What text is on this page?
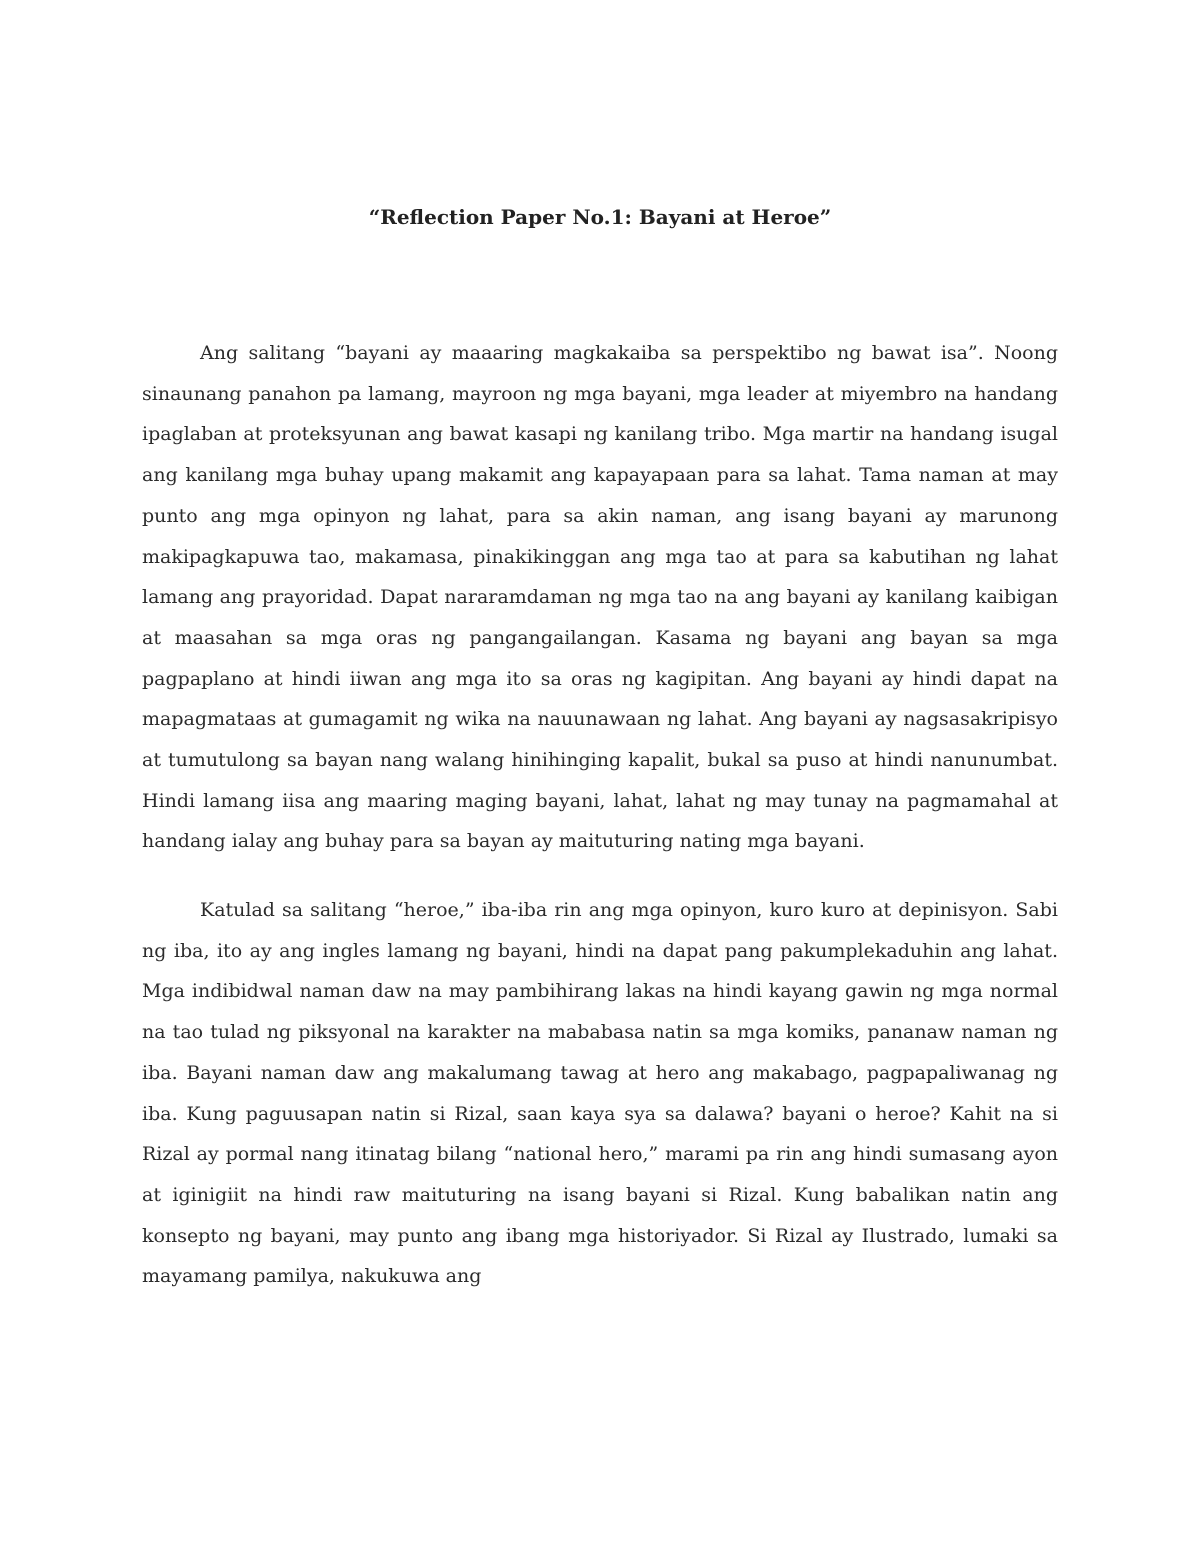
“Reflection Paper No.1: Bayani at Heroe”

Ang salitang “bayani ay maaaring magkakaiba sa perspektibo ng bawat isa”. Noong sinaunang panahon pa lamang, mayroon ng mga bayani, mga leader at miyembro na handang ipaglaban at proteksyunan ang bawat kasapi ng kanilang tribo. Mga martir na handang isugal ang kanilang mga buhay upang makamit ang kapayapaan para sa lahat. Tama naman at may punto ang mga opinyon ng lahat, para sa akin naman, ang isang bayani ay marunong makipagkapuwa tao, makamasa, pinakikinggan ang mga tao at para sa kabutihan ng lahat lamang ang prayoridad. Dapat nararamdaman ng mga tao na ang bayani ay kanilang kaibigan at maasahan sa mga oras ng pangangailangan. Kasama ng bayani ang bayan sa mga pagpaplano at hindi iiwan ang mga ito sa oras ng kagipitan. Ang bayani ay hindi dapat na mapagmataas at gumagamit ng wika na nauunawaan ng lahat. Ang bayani ay nagsasakripisyo at tumutulong sa bayan nang walang hinihinging kapalit, bukal sa puso at hindi nanunumbat. Hindi lamang iisa ang maaring maging bayani, lahat, lahat ng may tunay na pagmamahal at handang ialay ang buhay para sa bayan ay maituturing nating mga bayani.

Katulad sa salitang “heroe,” iba-iba rin ang mga opinyon, kuro kuro at depinisyon. Sabi ng iba, ito ay ang ingles lamang ng bayani, hindi na dapat pang pakumplekaduhin ang lahat. Mga indibidwal naman daw na may pambihirang lakas na hindi kayang gawin ng mga normal na tao tulad ng piksyonal na karakter na mababasa natin sa mga komiks, pananaw naman ng iba. Bayani naman daw ang makalumang tawag at hero ang makabago, pagpapaliwanag ng iba. Kung paguusapan natin si Rizal, saan kaya sya sa dalawa? bayani o heroe? Kahit na si Rizal ay pormal nang itinatag bilang “national hero,” marami pa rin ang hindi sumasang ayon at iginigiit na hindi raw maituturing na isang bayani si Rizal. Kung babalikan natin ang konsepto ng bayani, may punto ang ibang mga historiyador. Si Rizal ay Ilustrado, lumaki sa mayamang pamilya, nakukuwa ang
